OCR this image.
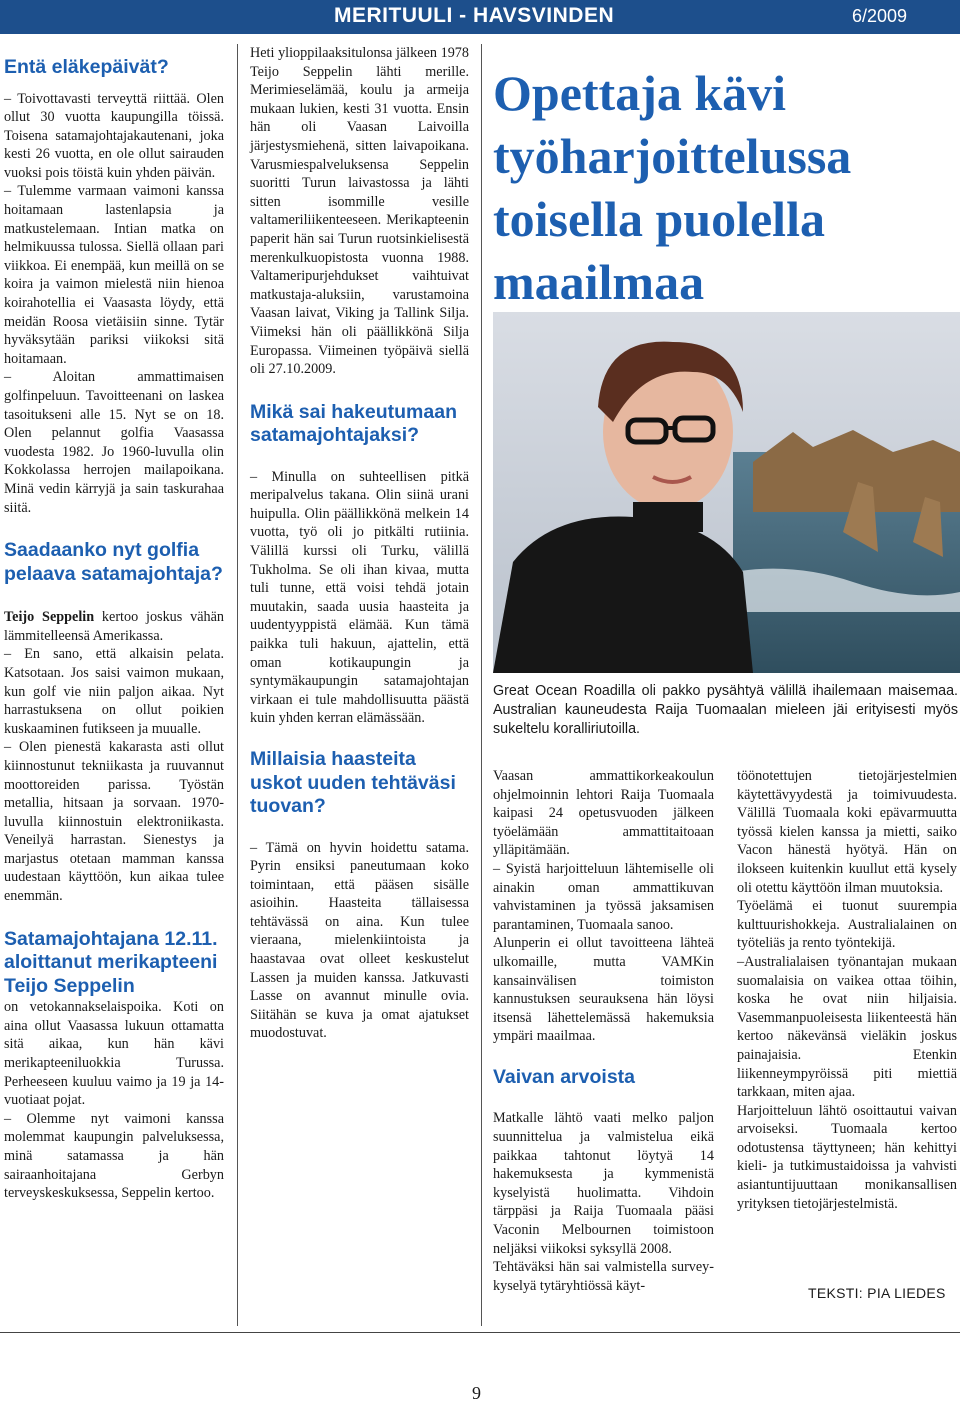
MERITUULI - HAVSVINDEN	6/2009
Entä eläkepäivät?

– Toivottavasti terveyttä riittää. Olen ollut 30 vuotta kaupungilla töissä. Toisena satamajohtajakautenani, joka kesti 26 vuotta, en ole ollut sairauden vuoksi pois töistä kuin yhden päivän.

– Tulemme varmaan vaimoni kanssa hoitamaan lastenlapsia ja matkustelemaan. Intian matka on helmikuussa tulossa. Siellä ollaan pari viikkoa. Ei enempää, kun meillä on se koira ja vaimon mielestä niin hienoa koirahotellia ei Vaasasta löydy, että meidän Roosa vietäisiin sinne. Tytär hyväksytään pariksi viikoksi sitä hoitamaan.

– Aloitan ammattimaisen golfinpeluun. Tavoitteenani on laskea tasoitukseni alle 15. Nyt se on 18. Olen pelannut golfia Vaasassa vuodesta 1982. Jo 1960-luvulla olin Kokkolassa herrojen mailapoikana. Minä vedin kärryjä ja sain taskurahaa siitä.

Saadaanko nyt golfia pelaava satamajohtaja?

Teijo Seppelin kertoo joskus vähän lämmitelleensä Amerikassa.

– En sano, että alkaisin pelata. Katsotaan. Jos saisi vaimon mukaan, kun golf vie niin paljon aikaa. Nyt harrastuksena on ollut poikien kuskaaminen futikseen ja muualle.

– Olen pienestä kakarasta asti ollut kiinnostunut tekniikasta ja ruuvannut moottoreiden parissa. Työstän metallia, hitsaan ja sorvaan. 1970-luvulla kiinnostuin elektroniikasta. Veneilyä harrastan. Sienestys ja marjastus otetaan mamman kanssa uudestaan käyttöön, kun aikaa tulee enemmän.

Satamajohtajana 12.11. aloittanut merikapteeni Teijo Seppelin

on vetokannakselaispoika. Koti on aina ollut Vaasassa lukuun ottamatta sitä aikaa, kun hän kävi merikapteeniluokkia Turussa. Perheeseen kuuluu vaimo ja 19 ja 14-vuotiaat pojat.

– Olemme nyt vaimoni kanssa molemmat kaupungin palveluksessa, minä satamassa ja hän sairaanhoitajana Gerbyn terveyskeskuksessa, Seppelin kertoo.

Heti ylioppilaaksitulonsa jälkeen 1978 Teijo Seppelin lähti merille. Merimieselämää, koulu ja armeija mukaan lukien, kesti 31 vuotta. Ensin hän oli Vaasan Laivoilla järjestysmiehenä, sitten laivapoikana. Varusmiespalveluksensa Seppelin suoritti Turun laivastossa ja lähti sitten isommille vesille valtameriliikenteeseen. Merikapteenin paperit hän sai Turun ruotsinkielisestä merenkulkuopistosta vuonna 1988. Valtameripurjehdukset vaihtuivat matkustaja-aluksiin, varustamoina Vaasan laivat, Viking ja Tallink Silja. Viimeksi hän oli päällikkönä Silja Europassa. Viimeinen työpäivä siellä oli 27.10.2009.

Mikä sai hakeutumaan satamajohtajaksi?

– Minulla on suhteellisen pitkä meripalvelus takana. Olin siinä urani huipulla. Olin päällikkönä melkein 14 vuotta, työ oli jo pitkälti rutiinia. Välillä kurssi oli Turku, välillä Tukholma. Se oli ihan kivaa, mutta tuli tunne, että voisi tehdä jotain muutakin, saada uusia haasteita ja uudentyyppistä elämää. Kun tämä paikka tuli hakuun, ajattelin, että oman kotikaupungin ja syntymäkaupungin satamajohtajan virkaan ei tule mahdollisuutta päästä kuin yhden kerran elämässään.

Millaisia haasteita uskot uuden tehtäväsi tuovan?

– Tämä on hyvin hoidettu satama. Pyrin ensiksi paneutumaan koko toimintaan, että pääsen sisälle asioihin. Haasteita tällaisessa tehtävässä on aina. Kun tulee vieraana, mielenkiintoista ja haastavaa ovat olleet keskustelut Lassen ja muiden kanssa. Jatkuvasti Lasse on avannut minulle ovia. Siitähän se kuva ja omat ajatukset muodostuvat.

Opettaja kävi työharjoittelussa toisella puolella maailmaa
Great Ocean Roadilla oli pakko pysähtyä välillä ihailemaan maisemaa. Australian kauneudesta Raija Tuomaalan mieleen jäi erityisesti myös sukeltelu koralliriutoilla.

Vaasan ammattikorkeakoulun ohjelmoinnin lehtori Raija Tuomaala kaipasi 24 opetusvuoden jälkeen työelämään ammattitaitoaan ylläpitämään.

– Syistä harjoitteluun lähtemiselle oli ainakin oman ammattikuvan vahvistaminen ja työssä jaksamisen parantaminen, Tuomaala sanoo.

Alunperin ei ollut tavoitteena lähteä ulkomaille, mutta VAMKin kansainvälisen toimiston kannustuksen seurauksena hän löysi itsensä lähettelemässä hakemuksia ympäri maailmaa.

Vaivan arvoista

Matkalle lähtö vaati melko paljon suunnittelua ja valmistelua eikä paikkaa tahtonut löytyä 14 hakemuksesta ja kymmenistä kyselyistä huolimatta. Vihdoin tärppäsi ja Raija Tuomaala pääsi Vaconin Melbournen toimistoon neljäksi viikoksi syksyllä 2008.

Tehtäväksi hän sai valmistella survey-kyselyä tytäryhtiössä käyt-

töönotettujen tietojärjestelmien käytettävyydestä ja toimivuudesta. Välillä Tuomaala koki epävarmuutta työssä kielen kanssa ja mietti, saiko Vacon hänestä hyötyä. Hän on ilokseen kuitenkin kuullut että kysely oli otettu käyttöön ilman muutoksia.

Työelämä ei tuonut suurempia kulttuurishokkeja. Australialainen on työteliäs ja rento työntekijä.

–Australialaisen työnantajan mukaan suomalaisia on vaikea ottaa töihin, koska he ovat niin hiljaisia. Vasemmanpuoleisesta liikenteestä hän kertoo näkevänsä vieläkin joskus painajaisia. Etenkin liikenneympyröissä piti miettiä tarkkaan, miten ajaa.

Harjoitteluun lähtö osoittautui vaivan arvoiseksi. Tuomaala kertoo odotustensa täyttyneen; hän kehittyi kieli- ja tutkimustaidoissa ja vahvisti asiantuntijuuttaan monikansallisen yrityksen tietojärjestelmistä.

TEKSTI: PIA LIEDES
9
